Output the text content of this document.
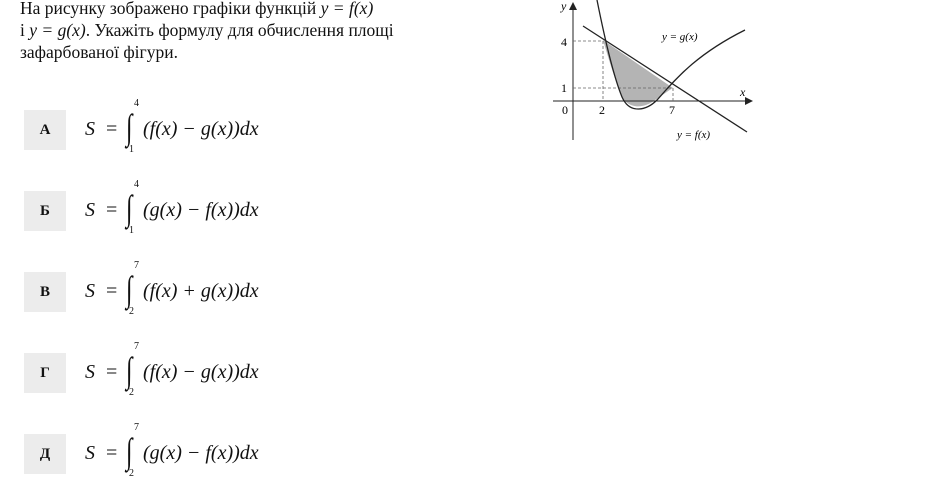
На рисунку зображено графіки функцій y = f(x)
і y = g(x). Укажіть формулу для обчислення площі
зафарбованої фігури.
А	S = ∫
4
1
(f(x) − g(x))dx
Б	S = ∫
4
1
(g(x) − f(x))dx
В	S = ∫
7
2
(f(x) + g(x))dx
Г	S = ∫
7
2
(f(x) − g(x))dx
Д	S = ∫
7
2
(g(x) − f(x))dx
y
x
0	2	7
1
4	y = g(x)
y = f(x)
